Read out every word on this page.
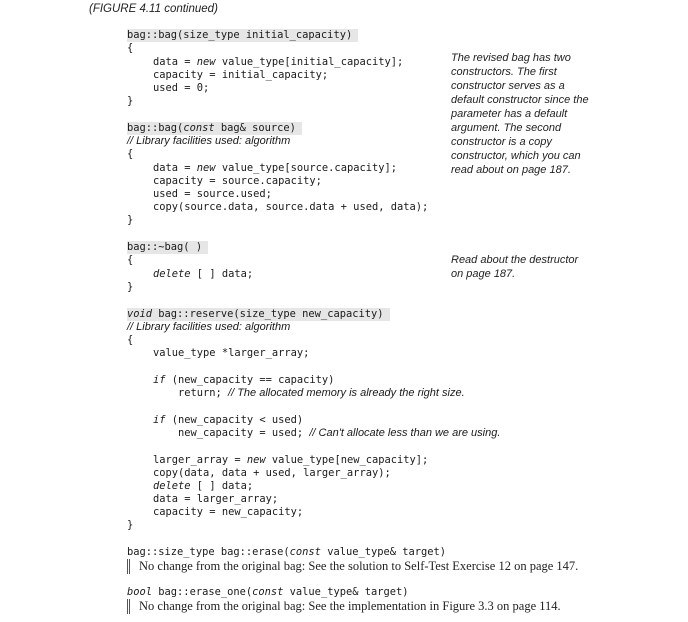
(FIGURE 4.11 continued)
bag::bag(size_type initial_capacity)
{
data = new value_type[initial_capacity];
capacity = initial_capacity;
used = 0;
}
bag::bag(const bag& source)
// Library facilities used: algorithm
{
data = new value_type[source.capacity];
capacity = source.capacity;
used = source.used;
copy(source.data, source.data + used, data);
}
bag::~bag( )
{
delete [ ] data;
}
void bag::reserve(size_type new_capacity)
// Library facilities used: algorithm
{
value_type *larger_array;
if (new_capacity == capacity)
return; // The allocated memory is already the right size.
if (new_capacity < used)
new_capacity = used; // Can't allocate less than we are using.
larger_array = new value_type[new_capacity];
copy(data, data + used, larger_array);
delete [ ] data;
data = larger_array;
capacity = new_capacity;
}
bag::size_type bag::erase(const value_type& target)
No change from the original bag: See the solution to Self-Test Exercise 12 on page 147.
bool bag::erase_one(const value_type& target)
No change from the original bag: See the implementation in Figure 3.3 on page 114.
The revised bag has two constructors. The first constructor serves as a default constructor since the parameter has a default argument. The second constructor is a copy constructor, which you can read about on page 187.
Read about the destructor on page 187.
